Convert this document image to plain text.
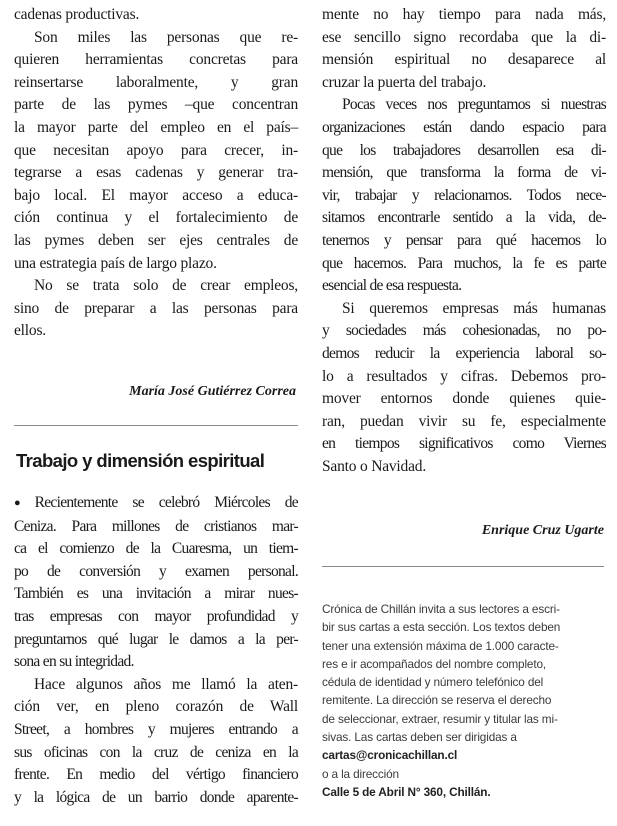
cadenas productivas.
Son miles las personas que re-
quieren herramientas concretas para
reinsertarse laboralmente, y gran
parte de las pymes –que concentran
la mayor parte del empleo en el país–
que necesitan apoyo para crecer, in-
tegrarse a esas cadenas y generar tra-
bajo local. El mayor acceso a educa-
ción continua y el fortalecimiento de
las pymes deben ser ejes centrales de
una estrategia país de largo plazo.
No se trata solo de crear empleos,
sino de preparar a las personas para
ellos.
María José Gutiérrez Correa
Trabajo y dimensión espiritual
● Recientemente se celebró Miércoles de
Ceniza. Para millones de cristianos mar-
ca el comienzo de la Cuaresma, un tiem-
po de conversión y examen personal.
También es una invitación a mirar nues-
tras empresas con mayor profundidad y
preguntarnos qué lugar le damos a la per-
sona en su integridad.
Hace algunos años me llamó la aten-
ción ver, en pleno corazón de Wall
Street, a hombres y mujeres entrando a
sus oficinas con la cruz de ceniza en la
frente. En medio del vértigo financiero
y la lógica de un barrio donde aparente-
mente no hay tiempo para nada más,
ese sencillo signo recordaba que la di-
mensión espiritual no desaparece al
cruzar la puerta del trabajo.
Pocas veces nos preguntamos si nuestras
organizaciones están dando espacio para
que los trabajadores desarrollen esa di-
mensión, que transforma la forma de vi-
vir, trabajar y relacionarnos. Todos nece-
sitamos encontrarle sentido a la vida, de-
tenernos y pensar para qué hacemos lo
que hacemos. Para muchos, la fe es parte
esencial de esa respuesta.
Si queremos empresas más humanas
y sociedades más cohesionadas, no po-
demos reducir la experiencia laboral so-
lo a resultados y cifras. Debemos pro-
mover entornos donde quienes quie-
ran, puedan vivir su fe, especialmente
en tiempos significativos como Viernes
Santo o Navidad.
Enrique Cruz Ugarte
Crónica de Chillán invita a sus lectores a escri-
bir sus cartas a esta sección. Los textos deben
tener una extensión máxima de 1.000 caracte-
res e ir acompañados del nombre completo,
cédula de identidad y número telefónico del
remitente. La dirección se reserva el derecho
de seleccionar, extraer, resumir y titular las mi-
sivas. Las cartas deben ser dirigidas a
cartas@cronicachillan.cl
o a la dirección
Calle 5 de Abril N° 360, Chillán.
